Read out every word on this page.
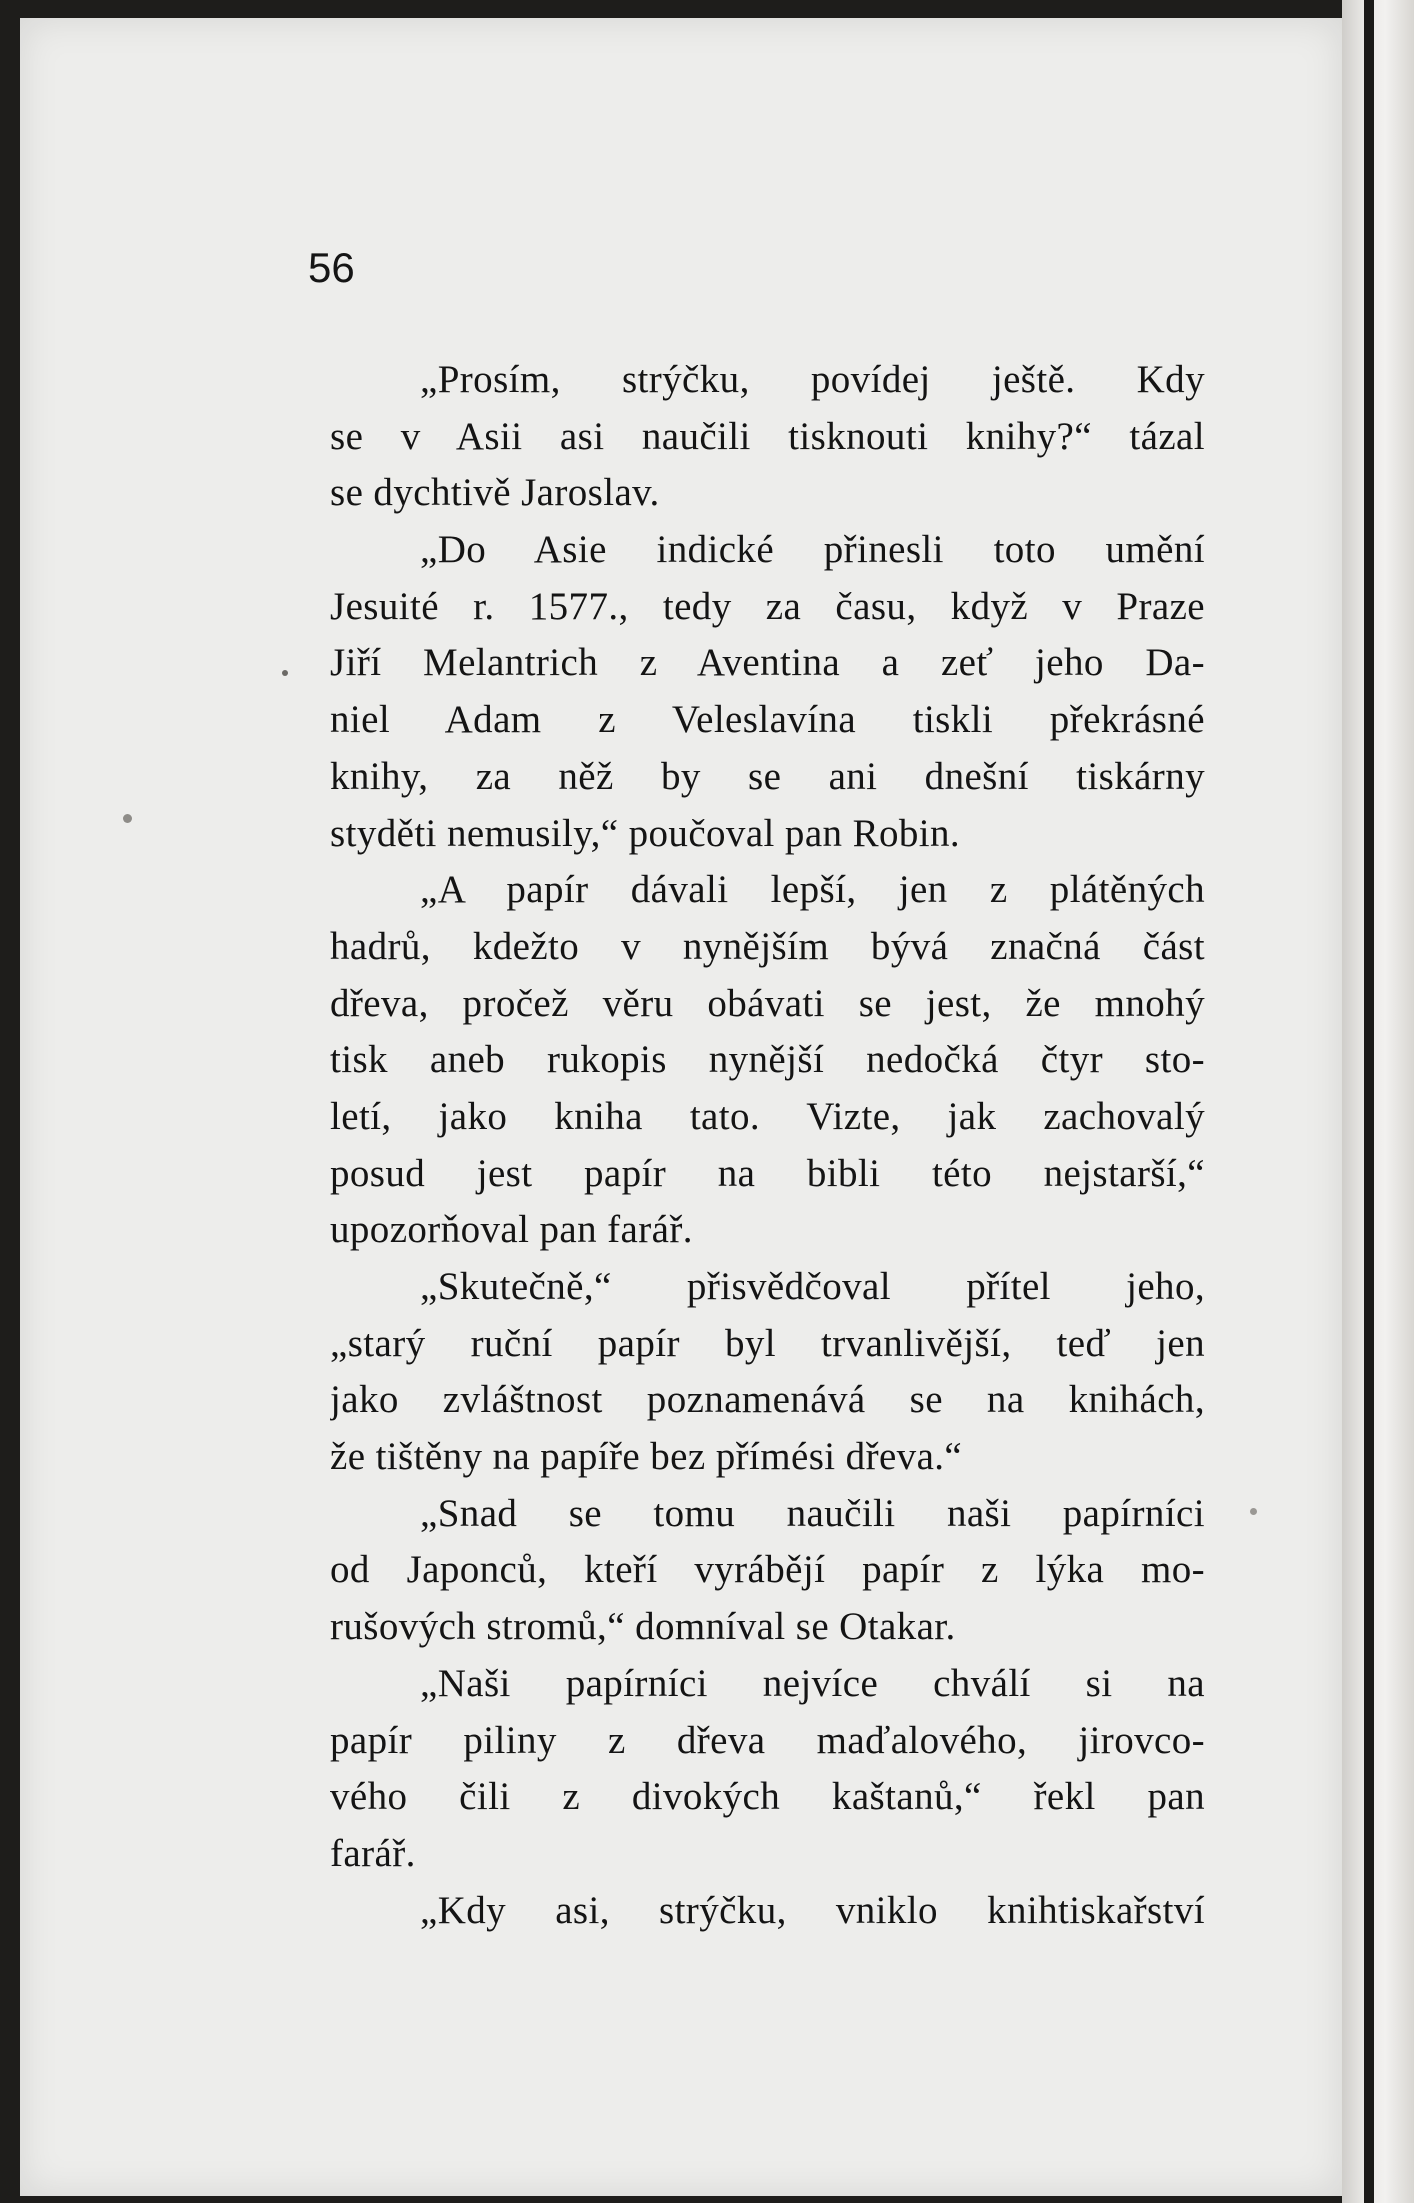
56

„Prosím, strýčku, povídej ještě. Kdy
se v Asii asi naučili tisknouti knihy?“ tázal
se dychtivě Jaroslav.
„Do Asie indické přinesli toto umění
Jesuité r. 1577., tedy za času, když v Praze
Jiří Melantrich z Aventina a zeť jeho Da-
niel Adam z Veleslavína tiskli překrásné
knihy, za něž by se ani dnešní tiskárny
styděti nemusily,“ poučoval pan Robin.
„A papír dávali lepší, jen z plátěných
hadrů, kdežto v nynějším bývá značná část
dřeva, pročež věru obávati se jest, že mnohý
tisk aneb rukopis nynější nedočká čtyr sto-
letí, jako kniha tato. Vizte, jak zachovalý
posud jest papír na bibli této nejstarší,“
upozorňoval pan farář.
„Skutečně,“ přisvědčoval přítel jeho,
„starý ruční papír byl trvanlivější, teď jen
jako zvláštnost poznamenává se na knihách,
že tištěny na papíře bez přímési dřeva.“
„Snad se tomu naučili naši papírníci
od Japonců, kteří vyrábějí papír z lýka mo-
rušových stromů,“ domníval se Otakar.
„Naši papírníci nejvíce chválí si na
papír piliny z dřeva maďalového, jirovco-
vého čili z divokých kaštanů,“ řekl pan
farář.
„Kdy asi, strýčku, vniklo knihtiskařství
